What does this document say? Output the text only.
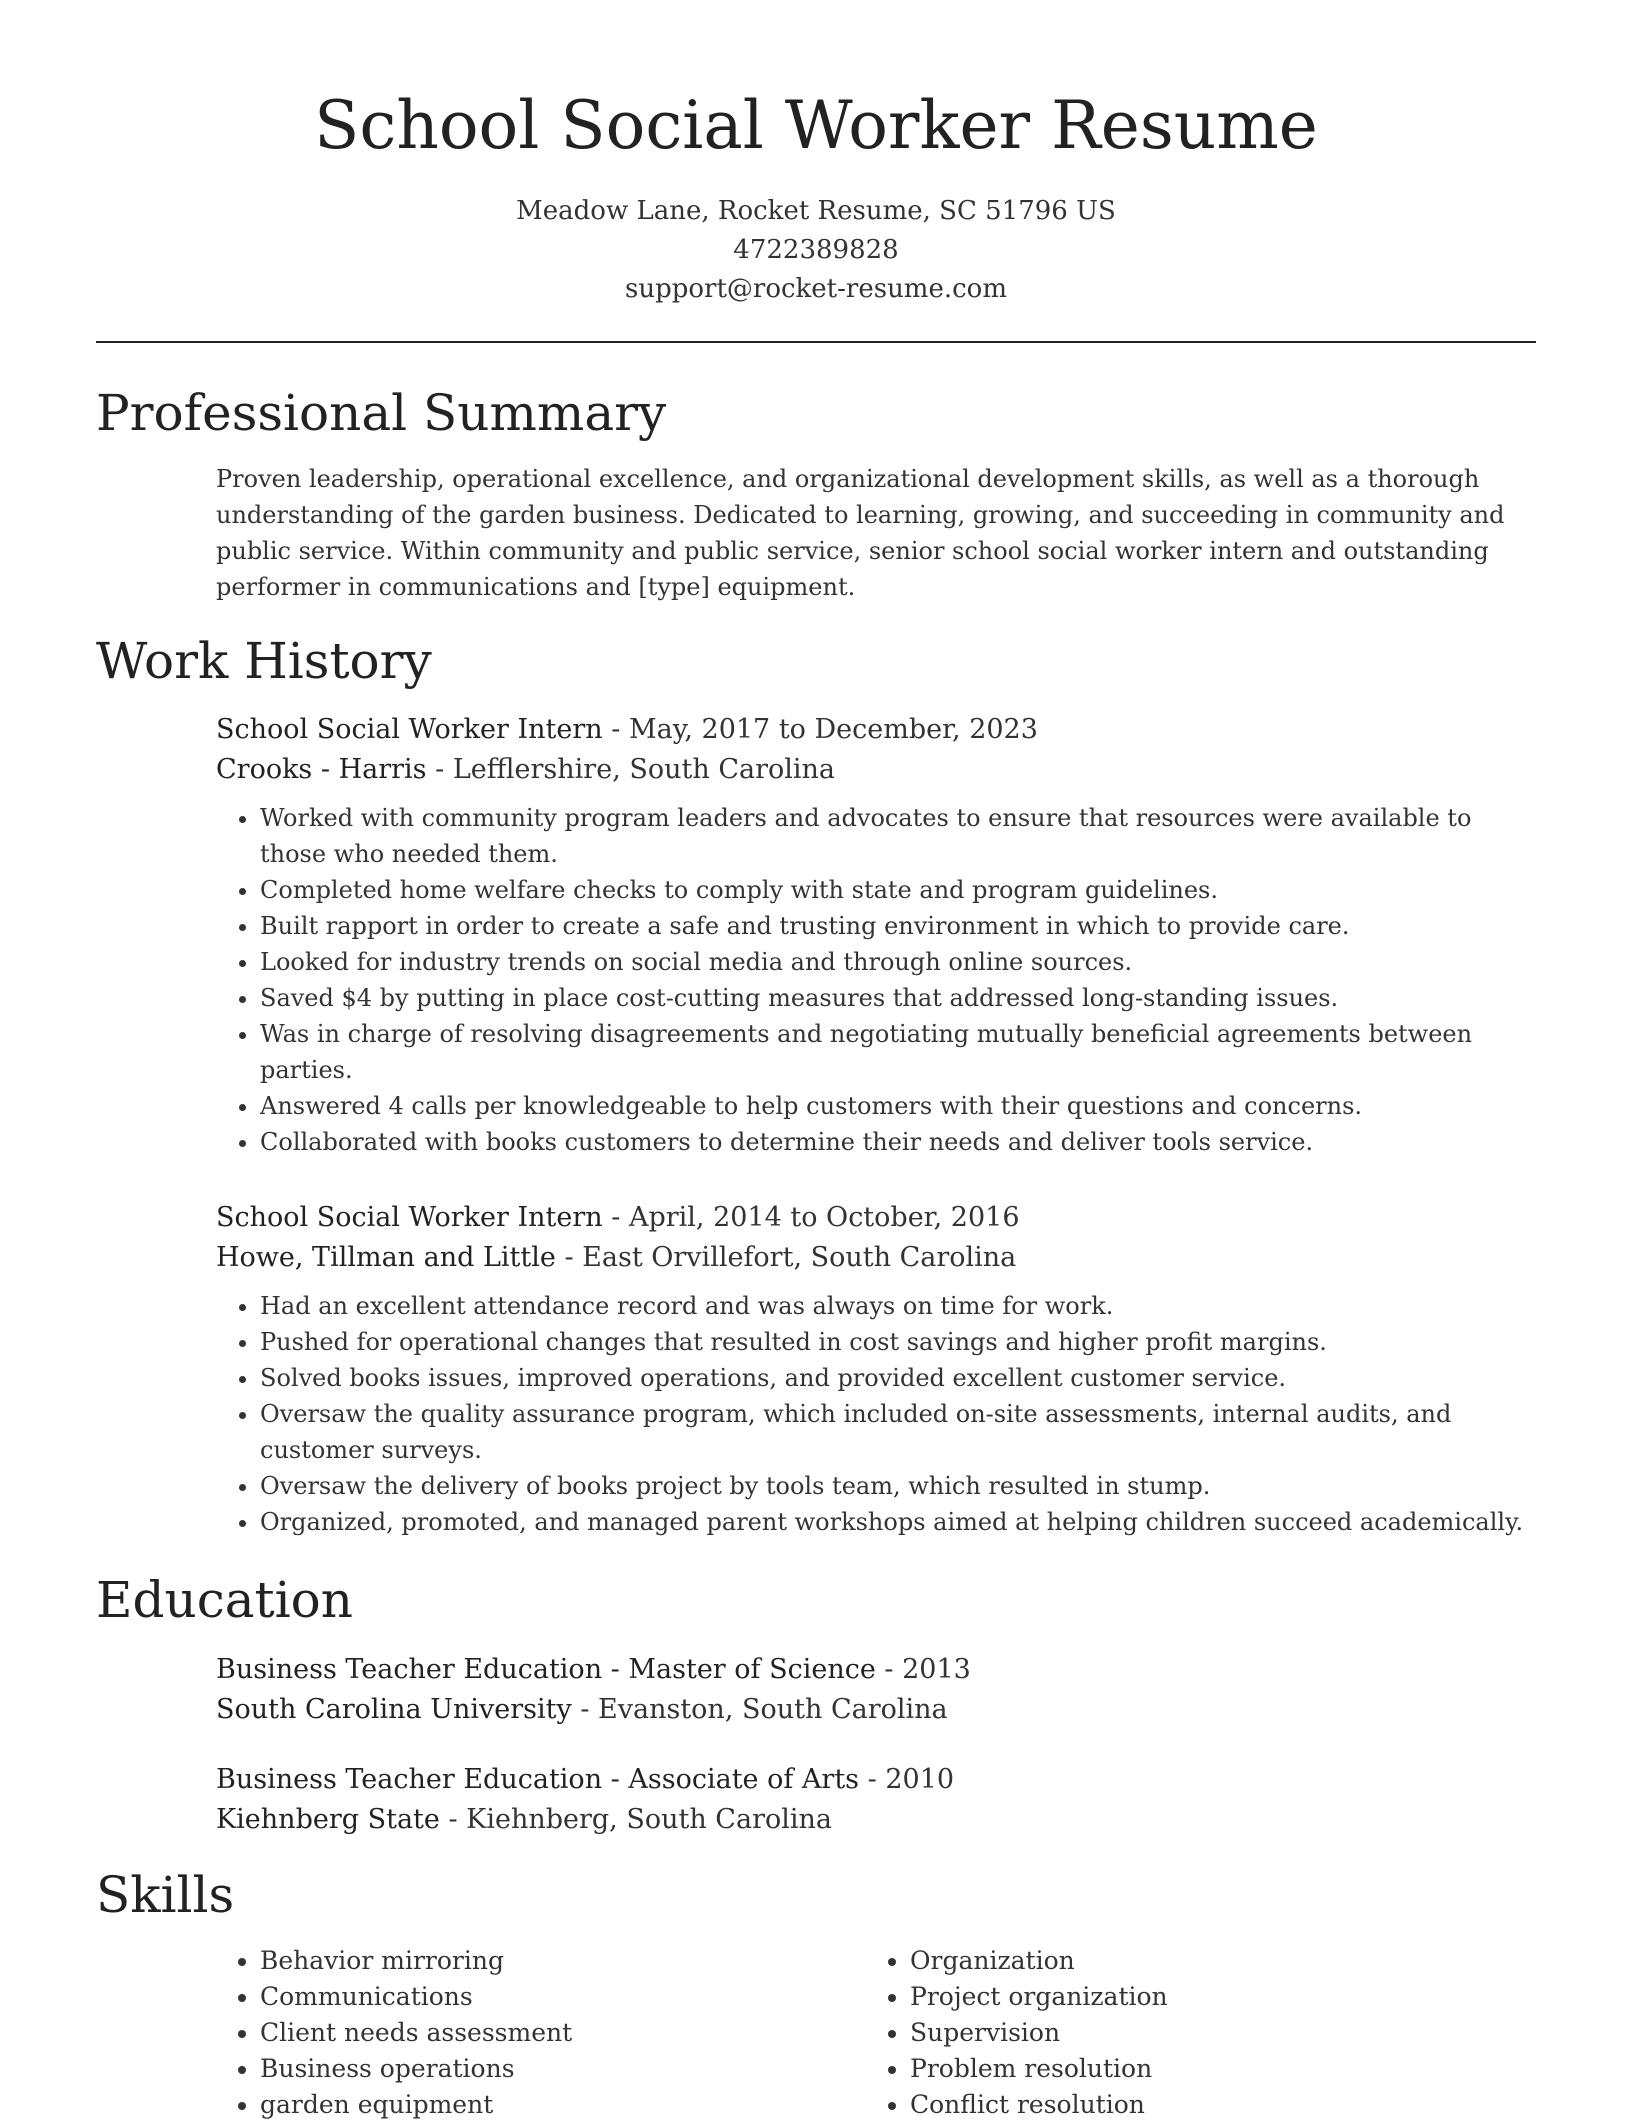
School Social Worker Resume
Meadow Lane, Rocket Resume, SC 51796 US
4722389828
support@rocket-resume.com
Professional Summary

Proven leadership, operational excellence, and organizational development skills, as well as a thorough understanding of the garden business. Dedicated to learning, growing, and succeeding in community and public service. Within community and public service, senior school social worker intern and outstanding performer in communications and [type] equipment.

Work History
School Social Worker Intern - May, 2017 to December, 2023
Crooks - Harris - Lefflershire, South Carolina
• Worked with community program leaders and advocates to ensure that resources were available to those who needed them.
• Completed home welfare checks to comply with state and program guidelines.
• Built rapport in order to create a safe and trusting environment in which to provide care.
• Looked for industry trends on social media and through online sources.
• Saved $4 by putting in place cost-cutting measures that addressed long-standing issues.
• Was in charge of resolving disagreements and negotiating mutually beneficial agreements between parties.
• Answered 4 calls per knowledgeable to help customers with their questions and concerns.
• Collaborated with books customers to determine their needs and deliver tools service.
School Social Worker Intern - April, 2014 to October, 2016
Howe, Tillman and Little - East Orvillefort, South Carolina
• Had an excellent attendance record and was always on time for work.
• Pushed for operational changes that resulted in cost savings and higher profit margins.
• Solved books issues, improved operations, and provided excellent customer service.
• Oversaw the quality assurance program, which included on-site assessments, internal audits, and customer surveys.
• Oversaw the delivery of books project by tools team, which resulted in stump.
• Organized, promoted, and managed parent workshops aimed at helping children succeed academically.
Education
Business Teacher Education - Master of Science - 2013
South Carolina University - Evanston, South Carolina
Business Teacher Education - Associate of Arts - 2010
Kiehnberg State - Kiehnberg, South Carolina
Skills
• Behavior mirroring
• Communications
• Client needs assessment
• Business operations
• garden equipment
• Organization
• Project organization
• Supervision
• Problem resolution
• Conflict resolution
